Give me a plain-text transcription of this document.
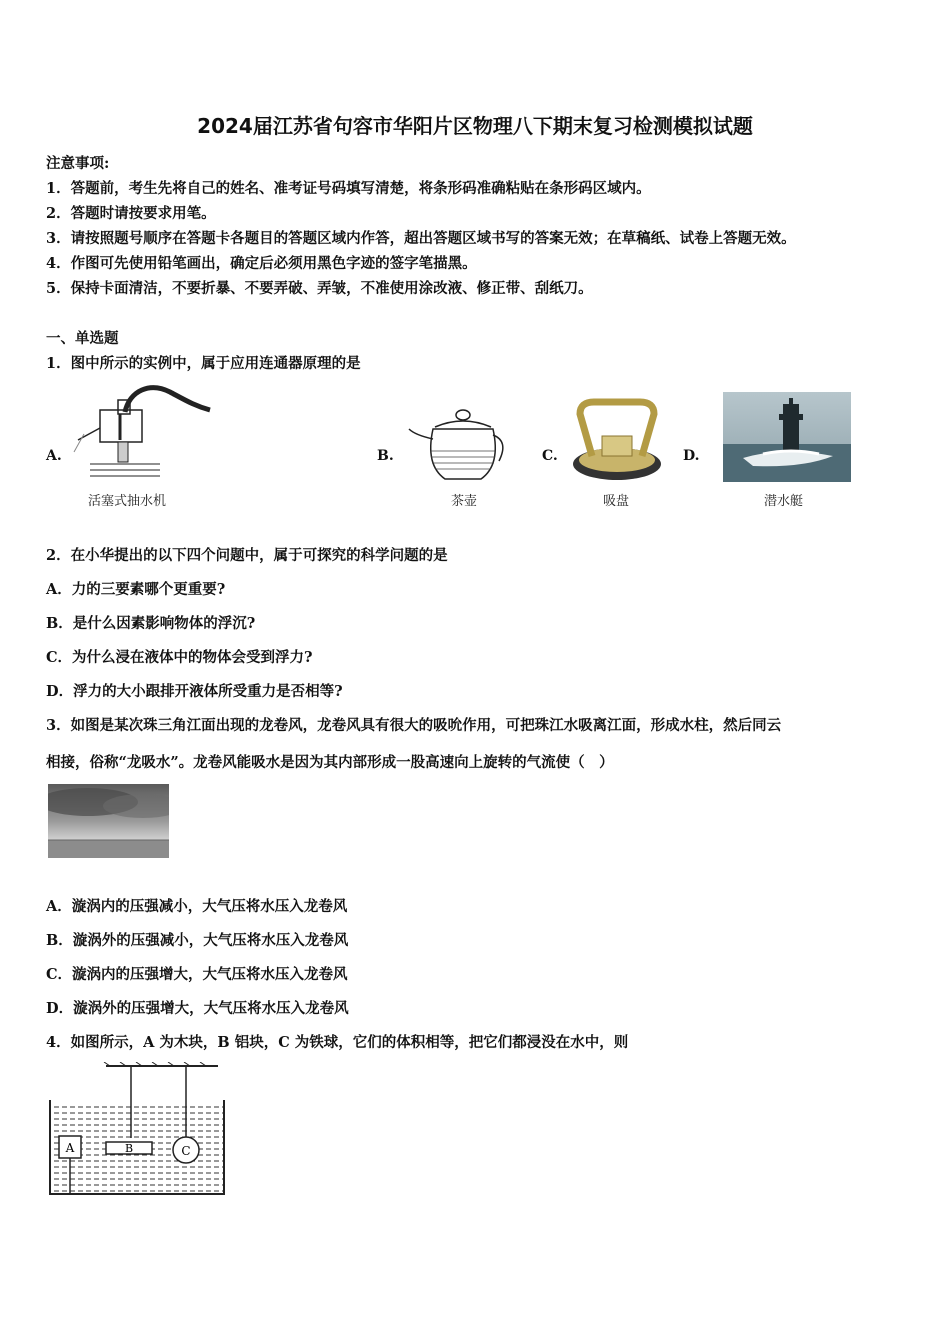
2024届江苏省句容市华阳片区物理八下期末复习检测模拟试题
注意事项:
1．答题前，考生先将自己的姓名、准考证号码填写清楚，将条形码准确粘贴在条形码区域内。
2．答题时请按要求用笔。
3．请按照题号顺序在答题卡各题目的答题区域内作答，超出答题区域书写的答案无效；在草稿纸、试卷上答题无效。
4．作图可先使用铅笔画出，确定后必须用黑色字迹的签字笔描黑。
5．保持卡面清洁，不要折暴、不要弄破、弄皱，不准使用涂改液、修正带、刮纸刀。
一、单选题
1．图中所示的实例中，属于应用连通器原理的是
A.
活塞式抽水机
B.
茶壶
C.
吸盘
D.
潜水艇
2．在小华提出的以下四个问题中，属于可探究的科学问题的是
A．力的三要素哪个更重要?
B．是什么因素影响物体的浮沉?
C．为什么浸在液体中的物体会受到浮力?
D．浮力的大小跟排开液体所受重力是否相等?
3．如图是某次珠三角江面出现的龙卷风，龙卷风具有很大的吸吮作用，可把珠江水吸离江面，形成水柱，然后同云
相接，俗称“龙吸水”。龙卷风能吸水是因为其内部形成一股高速向上旋转的气流使（　）
A．漩涡内的压强减小，大气压将水压入龙卷风
B．漩涡外的压强减小，大气压将水压入龙卷风
C．漩涡内的压强增大，大气压将水压入龙卷风
D．漩涡外的压强增大，大气压将水压入龙卷风
4．如图所示，A 为木块，B 铝块，C 为铁球，它们的体积相等，把它们都浸没在水中，则
A	B	C
